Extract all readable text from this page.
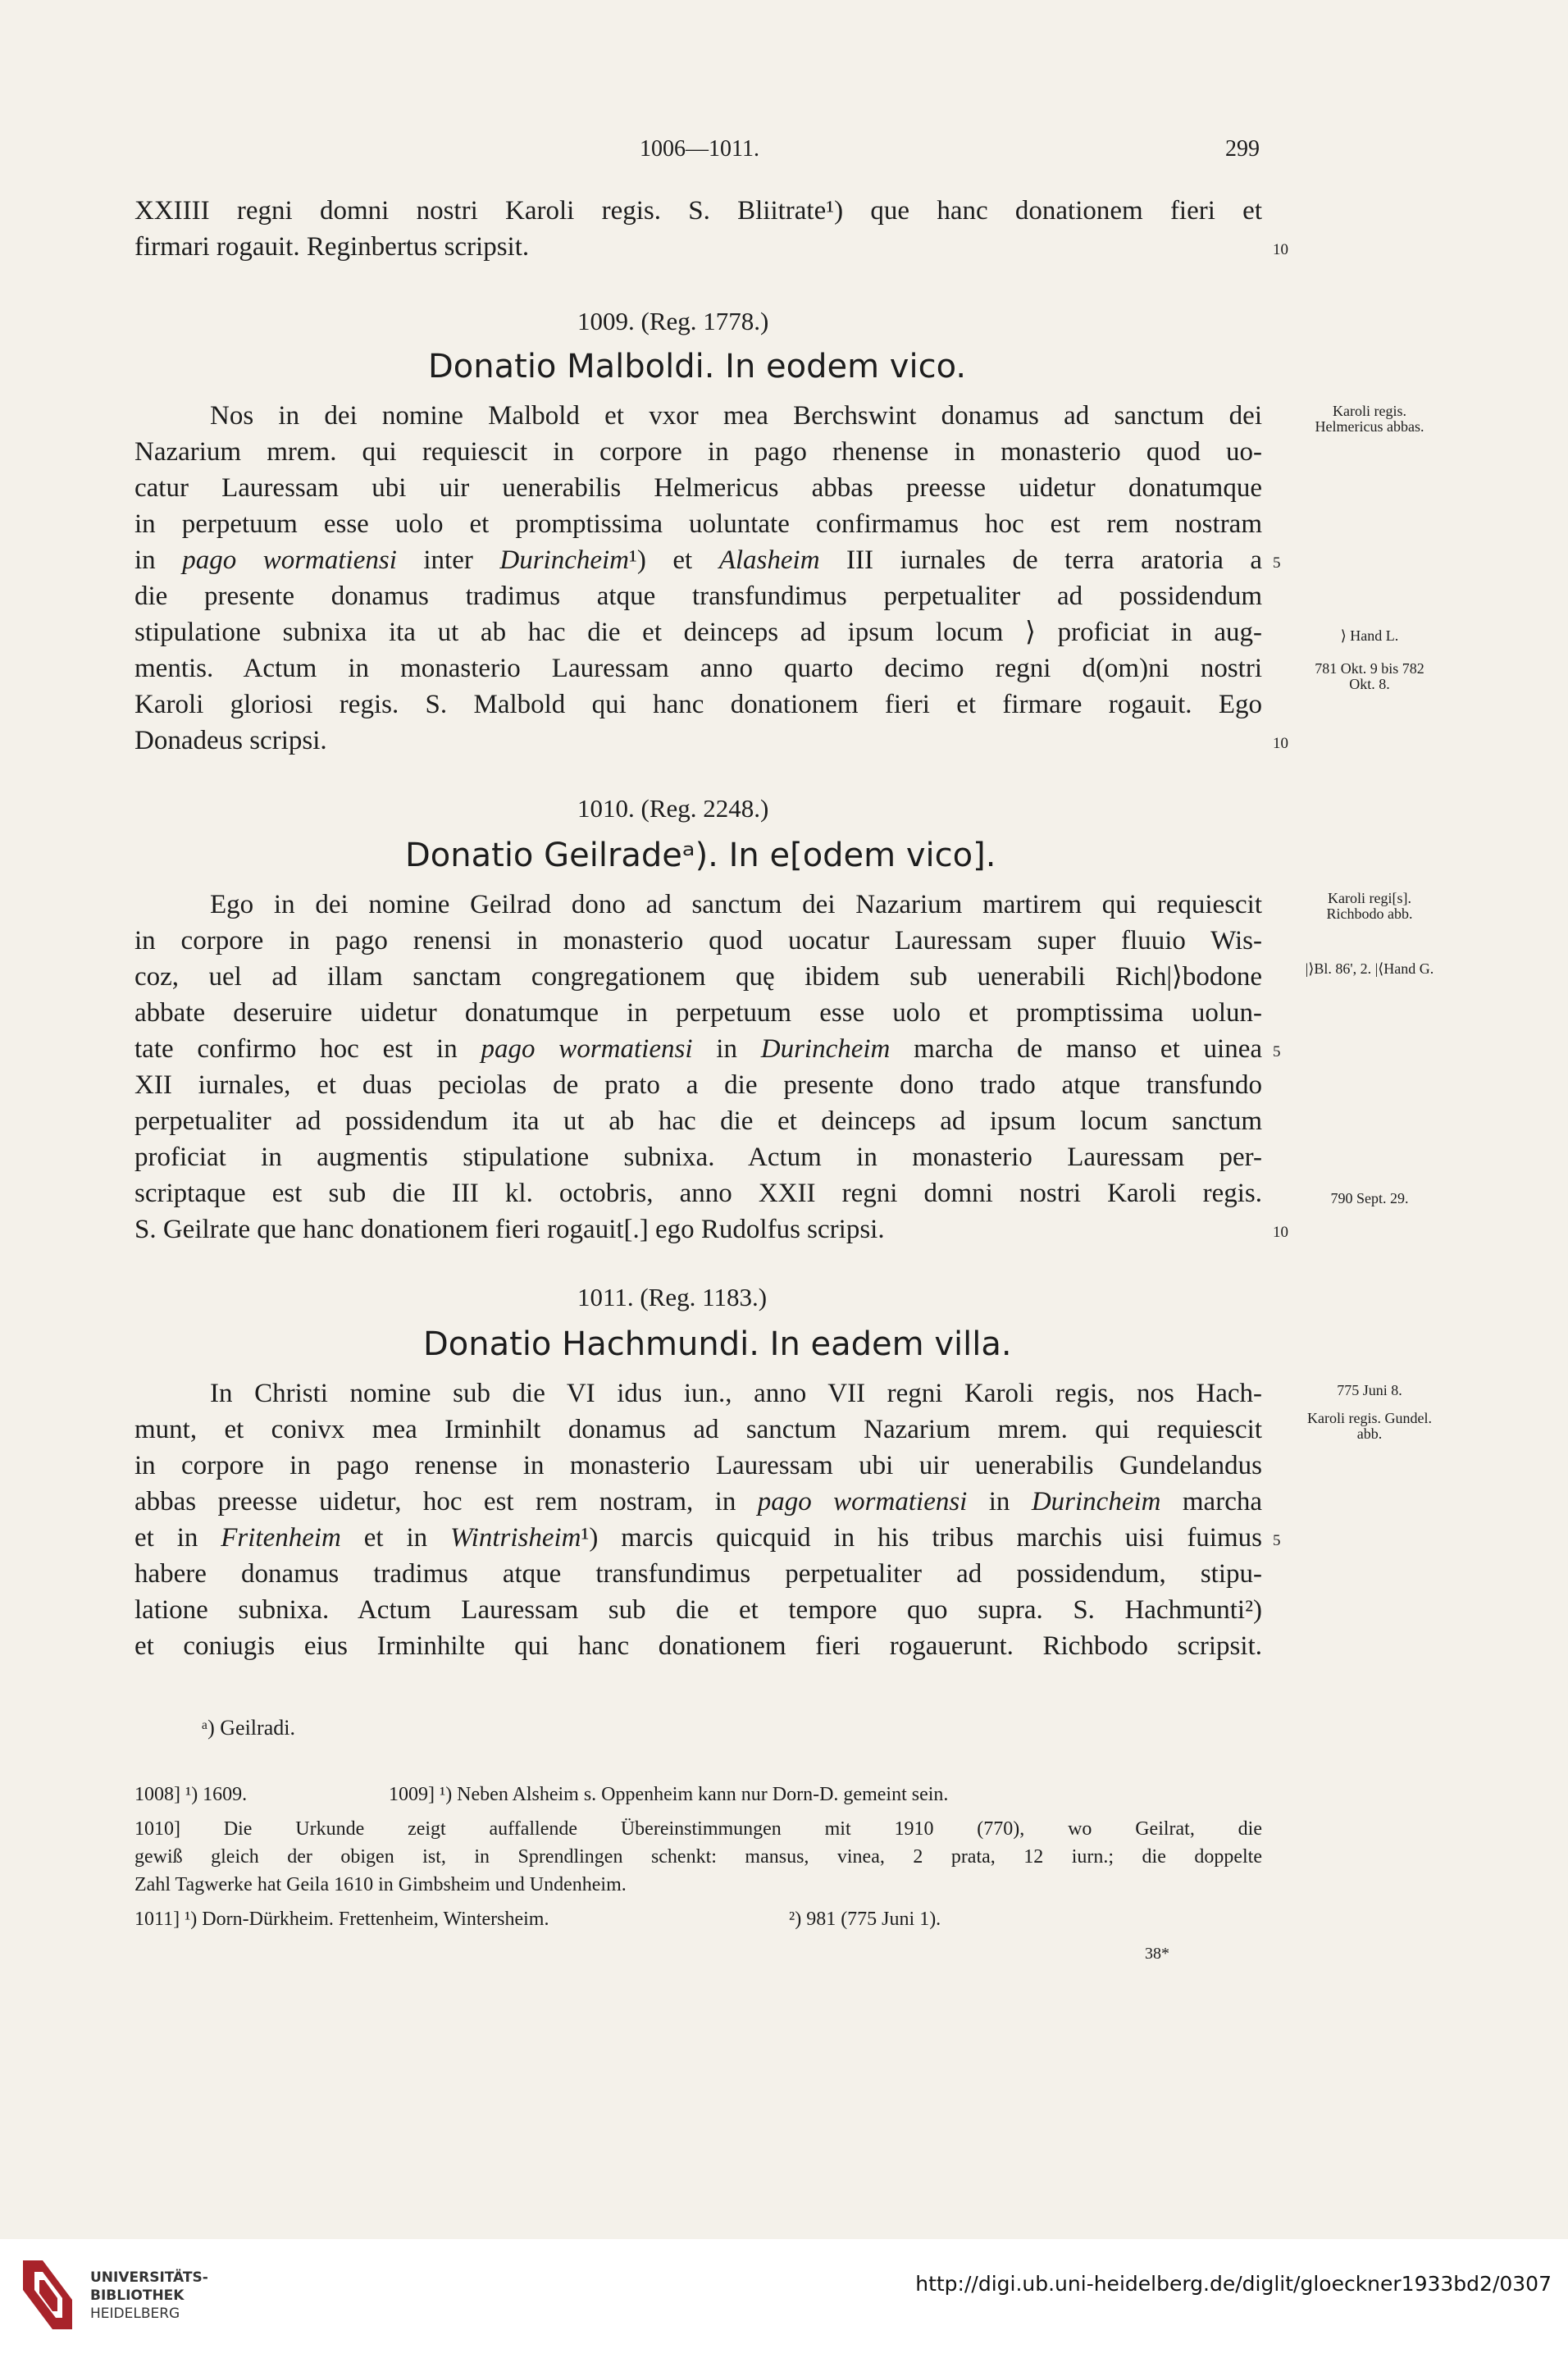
1006—1011.	299
XXIIII regni domni nostri Karoli regis. S. Bliitrate¹) que hanc donationem fieri et
firmari rogauit. Reginbertus scripsit.	10
1009. (Reg. 1778.)
Donatio Malboldi. In eodem vico.
Nos in dei nomine Malbold et vxor mea Berchswint donamus ad sanctum dei
Nazarium mrem. qui requiescit in corpore in pago rhenense in monasterio quod uo-
catur Lauressam ubi uir uenerabilis Helmericus abbas preesse uidetur donatumque
in perpetuum esse uolo et promptissima uoluntate confirmamus hoc est rem nostram
in pago wormatiensi inter Durincheim¹) et Alasheim III iurnales de terra aratoria a 5
die presente donamus tradimus atque transfundimus perpetualiter ad possidendum
stipulatione subnixa ita ut ab hac die et deinceps ad ipsum locum ⟩ proficiat in aug-
mentis. Actum in monasterio Lauressam anno quarto decimo regni d(om)ni nostri
Karoli gloriosi regis. S. Malbold qui hanc donationem fieri et firmare rogauit. Ego
Donadeus scripsi.	10
Karoli regis. Helmericus abbas.
⟩ Hand L.
781 Okt. 9 bis 782 Okt. 8.
1010. (Reg. 2248.)
Donatio Geilradeᵃ). In e[odem vico].
Ego in dei nomine Geilrad dono ad sanctum dei Nazarium martirem qui requiescit
in corpore in pago renensi in monasterio quod uocatur Lauressam super fluuio Wis-
coz, uel ad illam sanctam congregationem quę ibidem sub uenerabili Rich|⟩bodone
abbate deseruire uidetur donatumque in perpetuum esse uolo et promptissima uolun-
tate confirmo hoc est in pago wormatiensi in Durincheim marcha de manso et uinea 5
XII iurnales, et duas peciolas de prato a die presente dono trado atque transfundo
perpetualiter ad possidendum ita ut ab hac die et deinceps ad ipsum locum sanctum
proficiat in augmentis stipulatione subnixa. Actum in monasterio Lauressam per-
scriptaque est sub die III kl. octobris, anno XXII regni domni nostri Karoli regis.
S. Geilrate que hanc donationem fieri rogauit[.] ego Rudolfus scripsi.	10
Karoli regi[s]. Richbodo abb.
|⟩Bl. 86', 2. |⟨Hand G.
790 Sept. 29.
1011. (Reg. 1183.)
Donatio Hachmundi. In eadem villa.
In Christi nomine sub die VI idus iun., anno VII regni Karoli regis, nos Hach-
munt, et conivx mea Irminhilt donamus ad sanctum Nazarium mrem. qui requiescit
in corpore in pago renense in monasterio Lauressam ubi uir uenerabilis Gundelandus
abbas preesse uidetur, hoc est rem nostram, in pago wormatiensi in Durincheim marcha
et in Fritenheim et in Wintrisheim¹) marcis quicquid in his tribus marchis uisi fuimus 5
habere donamus tradimus atque transfundimus perpetualiter ad possidendum, stipu-
latione subnixa. Actum Lauressam sub die et tempore quo supra. S. Hachmunti²)
et coniugis eius Irminhilte qui hanc donationem fieri rogauerunt. Richbodo scripsit.
775 Juni 8.
Karoli regis. Gundel. abb.
ᵃ) Geilradi.
1008] ¹) 1609.	1009] ¹) Neben Alsheim s. Oppenheim kann nur Dorn-D. gemeint sein.
1010] Die Urkunde zeigt auffallende Übereinstimmungen mit 1910 (770), wo Geilrat, die
gewiß gleich der obigen ist, in Sprendlingen schenkt: mansus, vinea, 2 prata, 12 iurn.; die doppelte
Zahl Tagwerke hat Geila 1610 in Gimbsheim und Undenheim.
1011] ¹) Dorn-Dürkheim. Frettenheim, Wintersheim.	²) 981 (775 Juni 1).
38*
UNIVERSITÄTS-
BIBLIOTHEK
HEIDELBERG
http://digi.ub.uni-heidelberg.de/diglit/gloeckner1933bd2/0307
